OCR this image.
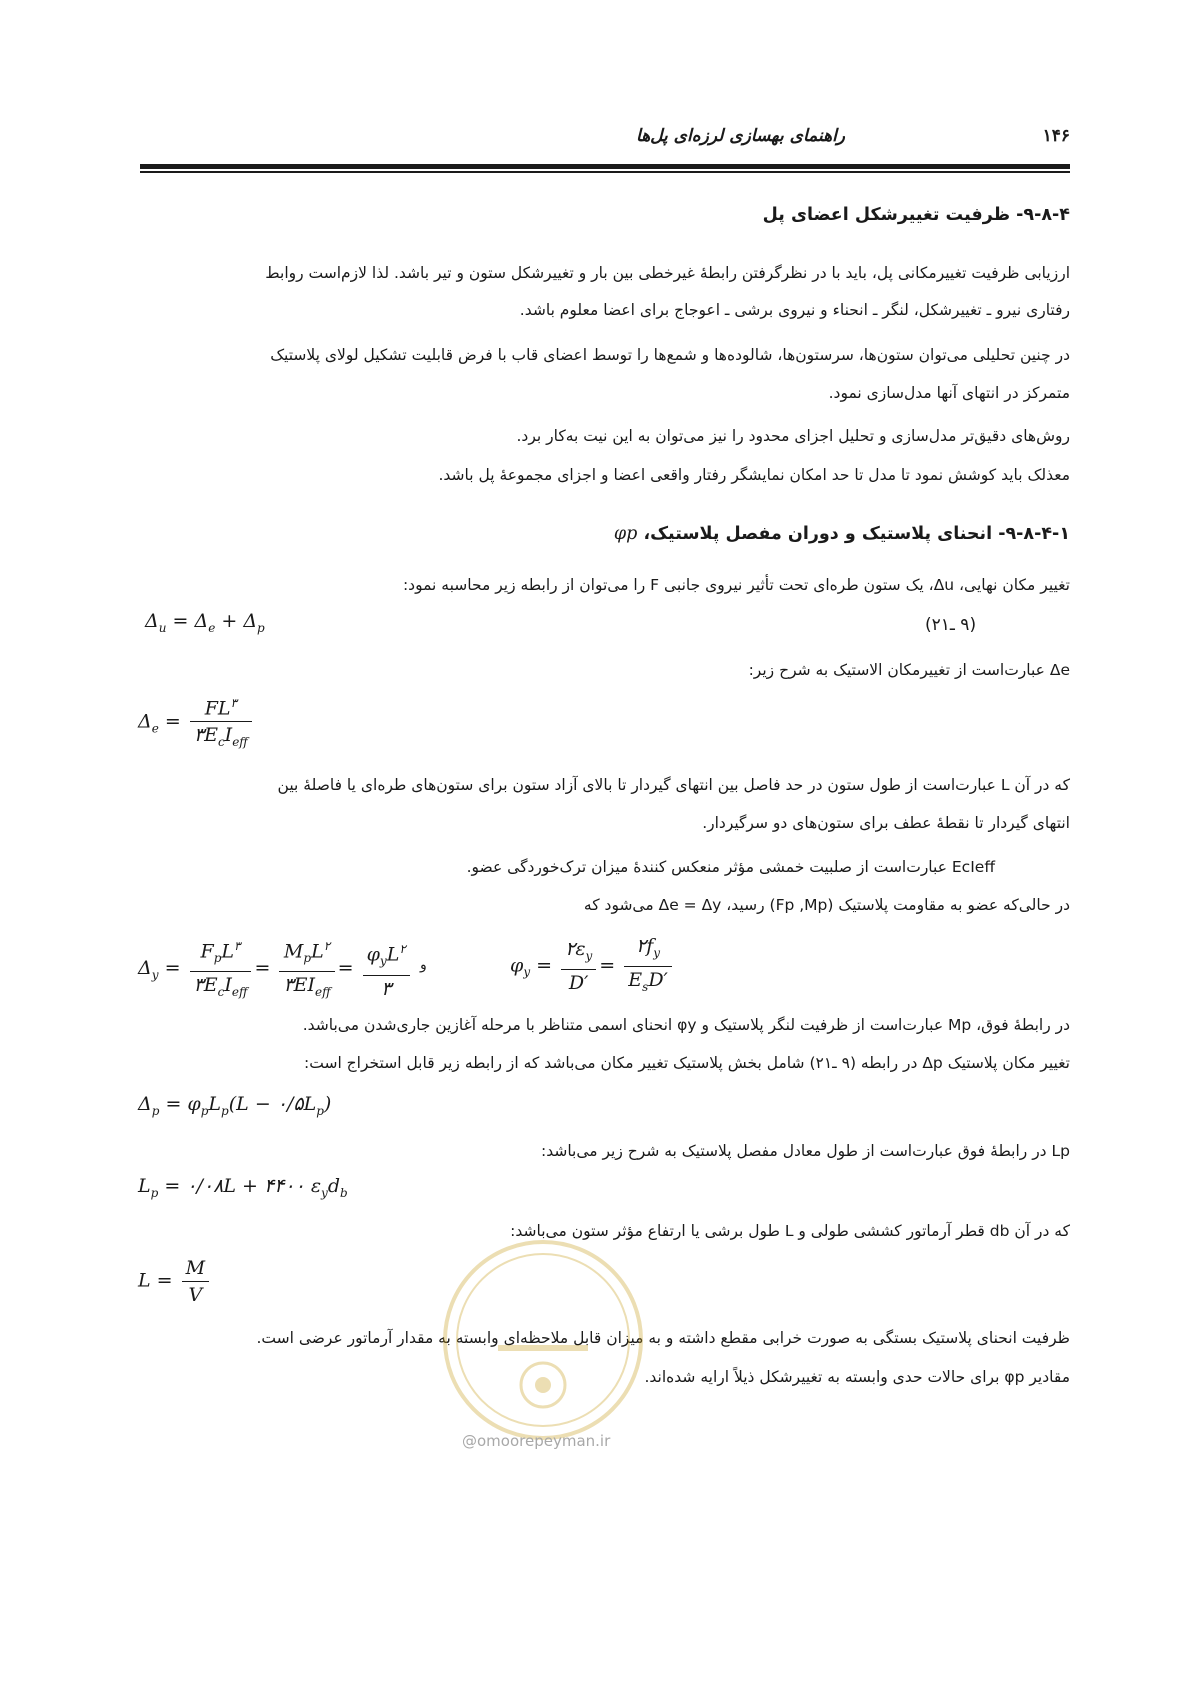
راهنمای بهسازی لرزه‌ای پل‌ها	۱۴۶
۹-۸-۴- ظرفیت تغییرشکل اعضای پل
ارزیابی ظرفیت تغییرمکانی پل، باید با در نظرگرفتن رابطهٔ غیرخطی بین بار و تغییرشکل ستون و تیر باشد. لذا لازم‌است روابط
رفتاری نیرو ـ تغییرشکل، لنگر ـ انحناء و نیروی برشی ـ اعوجاج برای اعضا معلوم باشد.
در چنین تحلیلی می‌توان ستون‌ها، سرستون‌ها، شالوده‌ها و شمع‌ها را توسط اعضای قاب با فرض قابلیت تشکیل لولای پلاستیک
متمرکز در انتهای آنها مدل‌سازی نمود.
روش‌های دقیق‌تر مدل‌سازی و تحلیل اجزای محدود را نیز می‌توان به این نیت به‌کار برد.
معذلک باید کوشش نمود تا مدل تا حد امکان نمایشگر رفتار واقعی اعضا و اجزای مجموعهٔ پل باشد.
۹-۸-۴-۱- انحنای پلاستیک و دوران مفصل پلاستیک، φp
تغییر مکان نهایی، Δu، یک ستون طره‌ای تحت تأثیر نیروی جانبی F را می‌توان از رابطه زیر محاسبه نمود:
$\Delta_u = \Delta_e + \Delta_p$	(۹ ـ۲۱)
Δe عبارت‌است از تغییرمکان الاستیک به شرح زیر:
$\Delta_e = \frac{FL^۳}{۳E_cI_{eff}}$
که در آن L عبارت‌است از طول ستون در حد فاصل بین انتهای گیردار تا بالای آزاد ستون برای ستون‌های طره‌ای یا فاصلهٔ بین
انتهای گیردار تا نقطهٔ عطف برای ستون‌های دو سرگیردار.
EcIeff عبارت‌است از صلبیت خمشی مؤثر منعکس کنندهٔ میزان ترک‌خوردگی عضو.
در حالی‌که عضو به مقاومت پلاستیک (Fp ,Mp) رسید، Δe = Δy می‌شود که
$\Delta_y = \frac{F_pL^۳}{۳E_cI_{eff}} = \frac{M_pL^۲}{۳EI_{eff}} = \frac{\varphi_yL^۲}{۳}$ و	$\varphi_y = \frac{۲\varepsilon_y}{D'} = \frac{۲f_y}{E_sD'}$
در رابطهٔ فوق، Mp عبارت‌است از ظرفیت لنگر پلاستیک و φy انحنای اسمی متناظر با مرحله آغازین جاری‌شدن می‌باشد.
تغییر مکان پلاستیک Δp در رابطه (۹ ـ۲۱) شامل بخش پلاستیک تغییر مکان می‌باشد که از رابطه زیر قابل استخراج است:
$\Delta_p = \varphi_pL_p(L$ − $۰/۵L_p$)
Lp در رابطهٔ فوق عبارت‌است از طول معادل مفصل پلاستیک به شرح زیر می‌باشد:
$L_p$ = ۰/۰۸L + ۴۴۰۰ $\varepsilon_yd_b$
که در آن db قطر آرماتور کششی طولی و L طول برشی یا ارتفاع مؤثر ستون می‌باشد:
$L = \frac{M}{V}$
ظرفیت انحنای پلاستیک بستگی به صورت خرابی مقطع داشته و به میزان قابل ملاحظه‌ای وابسته به مقدار آرماتور عرضی است.
مقادیر φp برای حالات حدی وابسته به تغییرشکل ذیلاً ارایه شده‌اند.
@omoorepeyman.ir
